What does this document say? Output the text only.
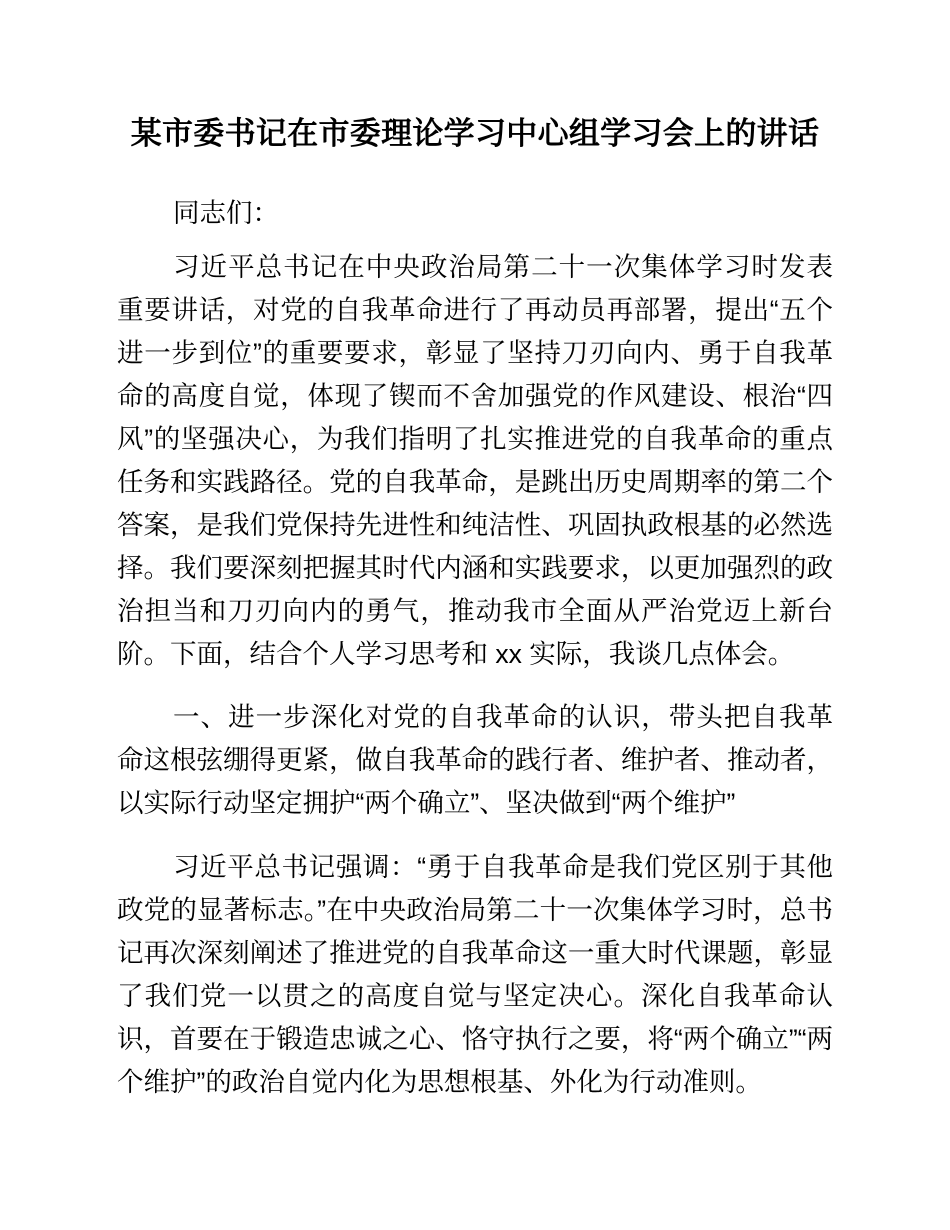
某市委书记在市委理论学习中心组学习会上的讲话

同志们：

习近平总书记在中央政治局第二十一次集体学习时发表重要讲话，对党的自我革命进行了再动员再部署，提出“五个进一步到位”的重要要求，彰显了坚持刀刃向内、勇于自我革命的高度自觉，体现了锲而不舍加强党的作风建设、根治“四风”的坚强决心，为我们指明了扎实推进党的自我革命的重点任务和实践路径。党的自我革命，是跳出历史周期率的第二个答案，是我们党保持先进性和纯洁性、巩固执政根基的必然选择。我们要深刻把握其时代内涵和实践要求，以更加强烈的政治担当和刀刃向内的勇气，推动我市全面从严治党迈上新台阶。下面，结合个人学习思考和 xx 实际，我谈几点体会。

一、进一步深化对党的自我革命的认识，带头把自我革命这根弦绷得更紧，做自我革命的践行者、维护者、推动者，以实际行动坚定拥护“两个确立”、坚决做到“两个维护”

习近平总书记强调：“勇于自我革命是我们党区别于其他政党的显著标志。”在中央政治局第二十一次集体学习时，总书记再次深刻阐述了推进党的自我革命这一重大时代课题，彰显了我们党一以贯之的高度自觉与坚定决心。深化自我革命认识，首要在于锻造忠诚之心、恪守执行之要，将“两个确立”“两个维护”的政治自觉内化为思想根基、外化为行动准则。
